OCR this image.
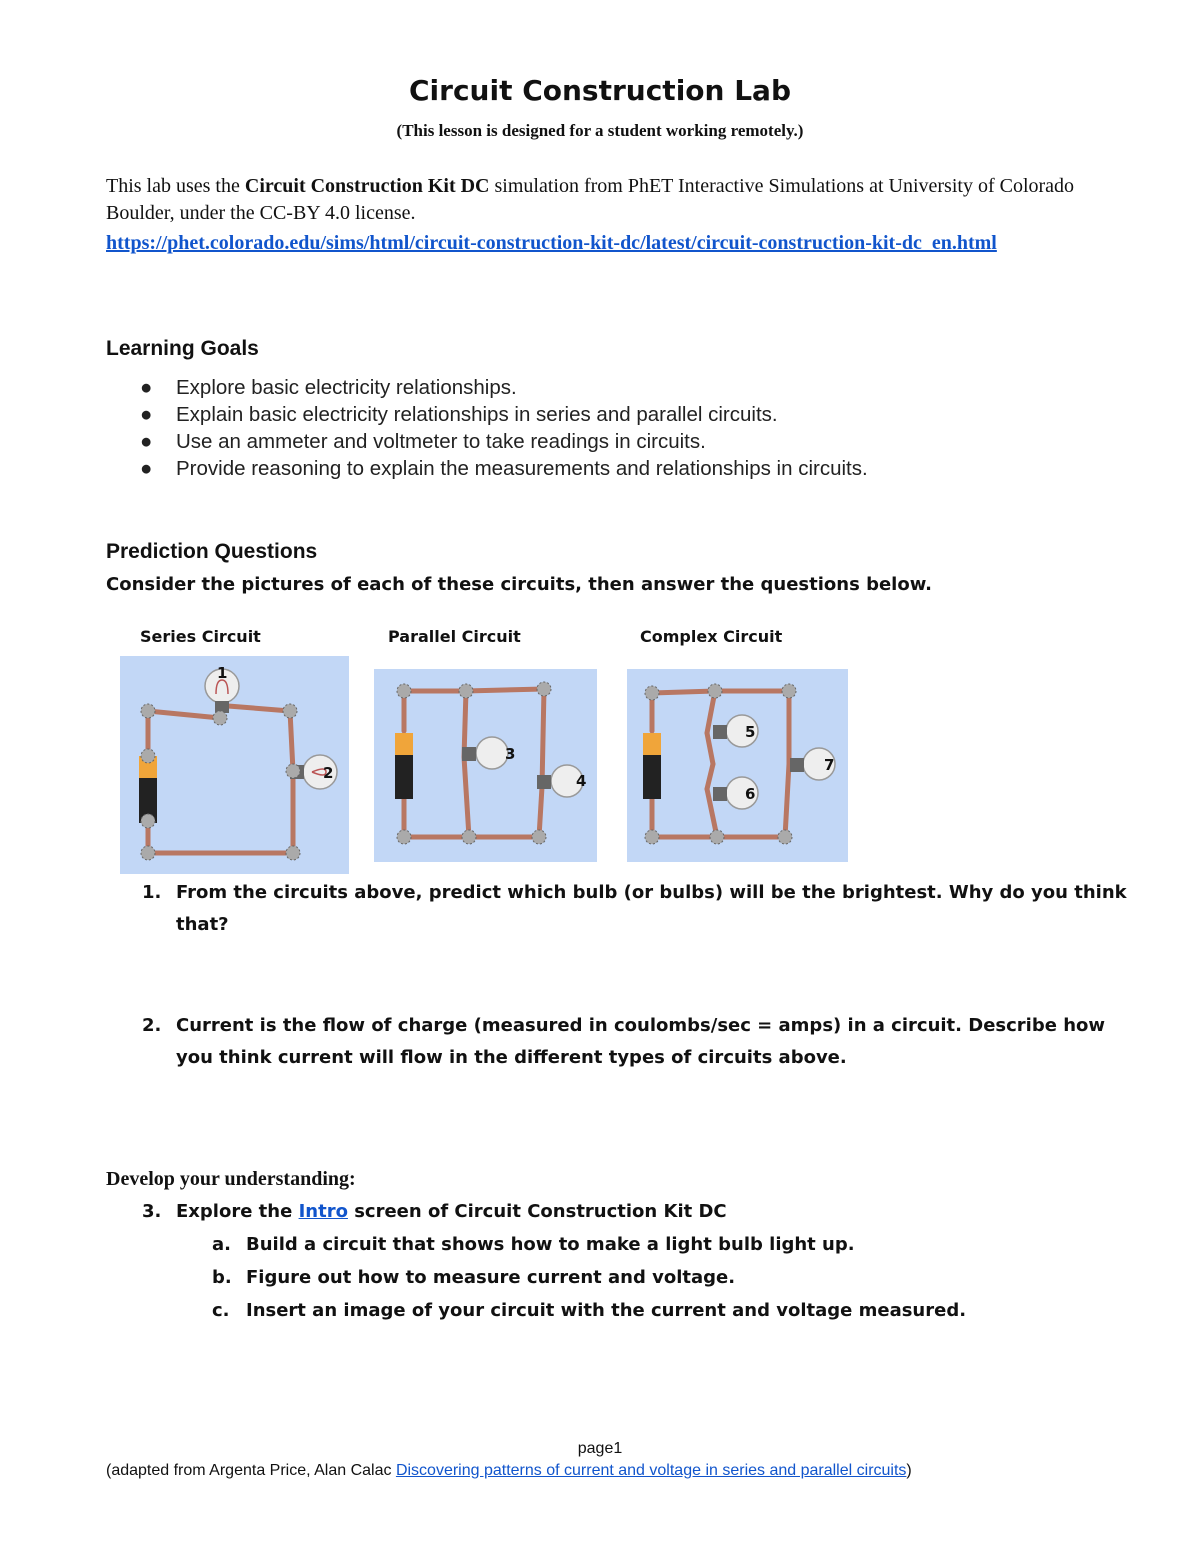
Circuit Construction Lab
(This lesson is designed for a student working remotely.)
This lab uses the Circuit Construction Kit DC simulation from PhET Interactive Simulations at University of Colorado Boulder, under the CC-BY 4.0 license.
https://phet.colorado.edu/sims/html/circuit-construction-kit-dc/latest/circuit-construction-kit-dc_en.html
Learning Goals
● Explore basic electricity relationships.
● Explain basic electricity relationships in series and parallel circuits.
● Use an ammeter and voltmeter to take readings in circuits.
● Provide reasoning to explain the measurements and relationships in circuits.
Prediction Questions
Consider the pictures of each of these circuits, then answer the questions below.
Series Circuit	Parallel Circuit	Complex Circuit
1
2
3
4
5
6
7
1. From the circuits above, predict which bulb (or bulbs) will be the brightest. Why do you think that?
2. Current is the flow of charge (measured in coulombs/sec = amps) in a circuit. Describe how you think current will flow in the different types of circuits above.
Develop your understanding:
3. Explore the Intro screen of Circuit Construction Kit DC
a. Build a circuit that shows how to make a light bulb light up.
b. Figure out how to measure current and voltage.
c. Insert an image of your circuit with the current and voltage measured.
page1
(adapted from Argenta Price, Alan Calac Discovering patterns of current and voltage in series and parallel circuits)
